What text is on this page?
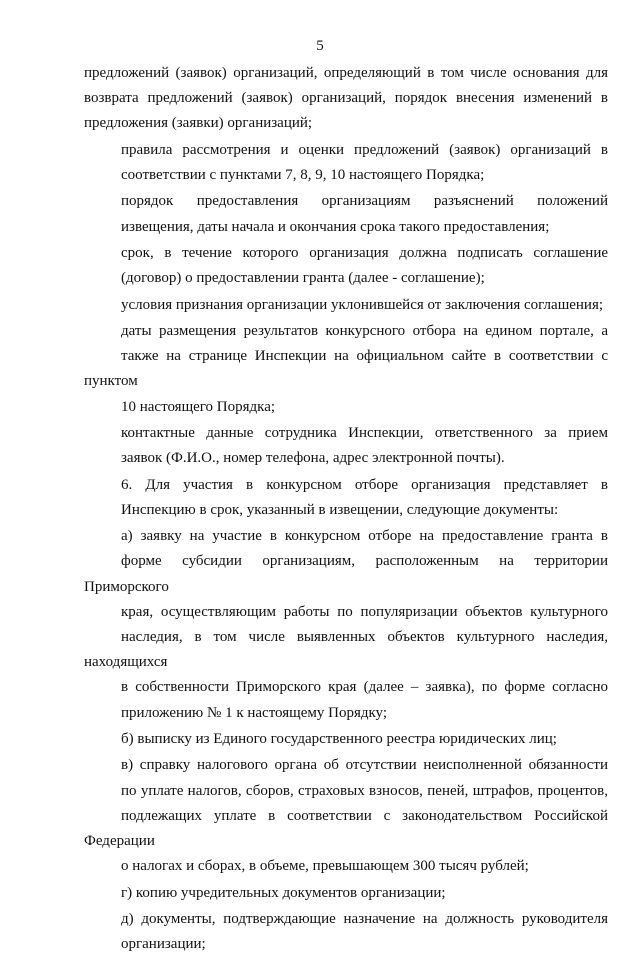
5
предложений (заявок) организаций, определяющий в том числе основания для
возврата предложений (заявок) организаций, порядок внесения изменений в
предложения (заявки) организаций;
правила рассмотрения и оценки предложений (заявок) организаций в
соответствии с пунктами 7, 8, 9, 10 настоящего Порядка;
порядок предоставления организациям разъяснений положений
извещения, даты начала и окончания срока такого предоставления;
срок, в течение которого организация должна подписать соглашение
(договор) о предоставлении гранта (далее - соглашение);
условия признания организации уклонившейся от заключения соглашения;
даты размещения результатов конкурсного отбора на едином портале, а
также на странице Инспекции на официальном сайте в соответствии с пунктом
10 настоящего Порядка;
контактные данные сотрудника Инспекции, ответственного за прием
заявок (Ф.И.О., номер телефона, адрес электронной почты).
6. Для участия в конкурсном отборе организация представляет в
Инспекцию в срок, указанный в извещении, следующие документы:
а) заявку на участие в конкурсном отборе на предоставление гранта в
форме субсидии организациям, расположенным на территории Приморского
края, осуществляющим работы по популяризации объектов культурного
наследия, в том числе выявленных объектов культурного наследия, находящихся
в собственности Приморского края (далее – заявка), по форме согласно
приложению № 1 к настоящему Порядку;
б) выписку из Единого государственного реестра юридических лиц;
в) справку налогового органа об отсутствии неисполненной обязанности
по уплате налогов, сборов, страховых взносов, пеней, штрафов, процентов,
подлежащих уплате в соответствии с законодательством Российской Федерации
о налогах и сборах, в объеме, превышающем 300 тысяч рублей;
г) копию учредительных документов организации;
д) документы, подтверждающие назначение на должность руководителя
организации;
